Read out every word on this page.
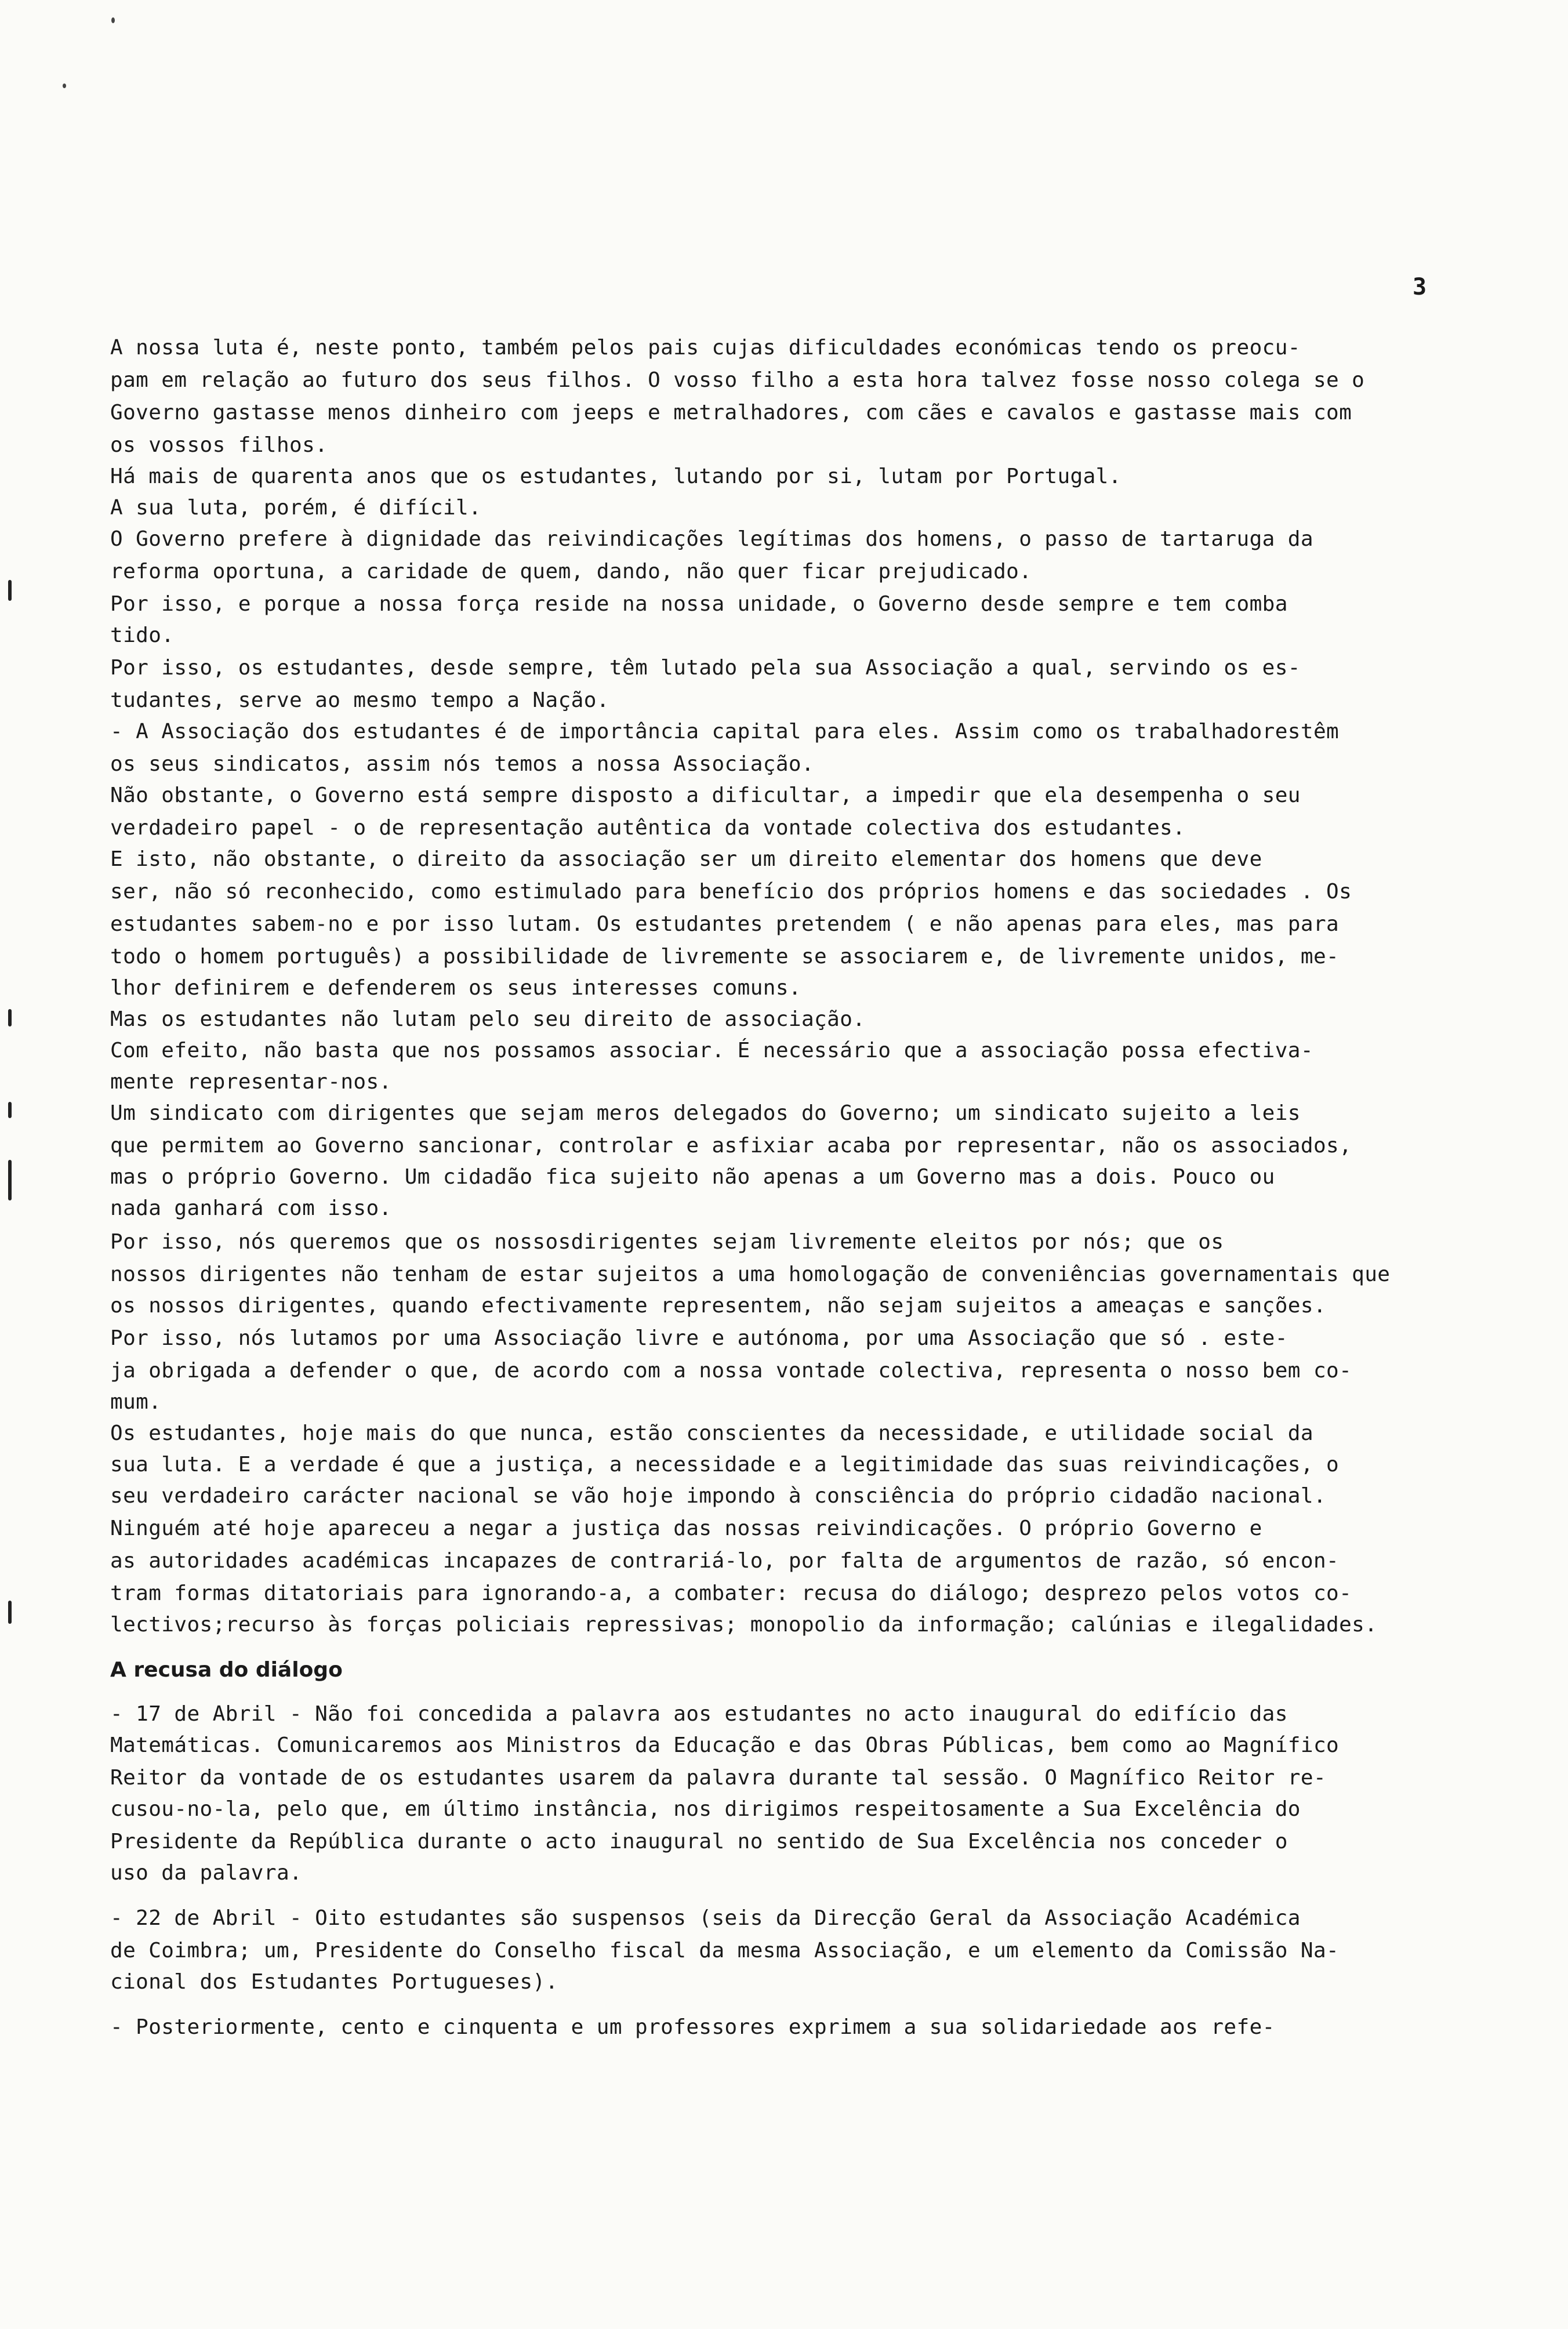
3
A nossa luta é, neste ponto, também pelos pais cujas dificuldades económicas tendo os preocu-
pam em relação ao futuro dos seus filhos. O vosso filho a esta hora talvez fosse nosso colega se o
Governo gastasse menos dinheiro com jeeps e metralhadores, com cães e cavalos e gastasse mais com
os vossos filhos.
Há mais de quarenta anos que os estudantes, lutando por si, lutam por Portugal.
A sua luta, porém, é difícil.
O Governo prefere à dignidade das reivindicações legítimas dos homens, o passo de tartaruga da
reforma oportuna, a caridade de quem, dando, não quer ficar prejudicado.
Por isso, e porque a nossa força reside na nossa unidade, o Governo desde sempre e tem comba
tido.
Por isso, os estudantes, desde sempre, têm lutado pela sua Associação a qual, servindo os es-
tudantes, serve ao mesmo tempo a Nação.
- A Associação dos estudantes é de importância capital para eles. Assim como os trabalhadorestêm
os seus sindicatos, assim nós temos a nossa Associação.
Não obstante, o Governo está sempre disposto a dificultar, a impedir que ela desempenha o seu
verdadeiro papel - o de representação autêntica da vontade colectiva dos estudantes.
E isto, não obstante, o direito da associação ser um direito elementar dos homens que deve
ser, não só reconhecido, como estimulado para benefício dos próprios homens e das sociedades . Os
estudantes sabem-no e por isso lutam. Os estudantes pretendem ( e não apenas para eles, mas para
todo o homem português) a possibilidade de livremente se associarem e, de livremente unidos, me-
lhor definirem e defenderem os seus interesses comuns.
Mas os estudantes não lutam pelo seu direito de associação.
Com efeito, não basta que nos possamos associar. É necessário que a associação possa efectiva-
mente representar-nos.
Um sindicato com dirigentes que sejam meros delegados do Governo; um sindicato sujeito a leis
que permitem ao Governo sancionar, controlar e asfixiar acaba por representar, não os associados,
mas o próprio Governo. Um cidadão fica sujeito não apenas a um Governo mas a dois. Pouco ou
nada ganhará com isso.
Por isso, nós queremos que os nossosdirigentes sejam livremente eleitos por nós; que os
nossos dirigentes não tenham de estar sujeitos a uma homologação de conveniências governamentais que
os nossos dirigentes, quando efectivamente representem, não sejam sujeitos a ameaças e sanções.
Por isso, nós lutamos por uma Associação livre e autónoma, por uma Associação que só . este-
ja obrigada a defender o que, de acordo com a nossa vontade colectiva, representa o nosso bem co-
mum.
Os estudantes, hoje mais do que nunca, estão conscientes da necessidade, e utilidade social da
sua luta. E a verdade é que a justiça, a necessidade e a legitimidade das suas reivindicações, o
seu verdadeiro carácter nacional se vão hoje impondo à consciência do próprio cidadão nacional.
Ninguém até hoje apareceu a negar a justiça das nossas reivindicações. O próprio Governo e
as autoridades académicas incapazes de contrariá-lo, por falta de argumentos de razão, só encon-
tram formas ditatoriais para ignorando-a, a combater: recusa do diálogo; desprezo pelos votos co-
lectivos;recurso às forças policiais repressivas; monopolio da informação; calúnias e ilegalidades.
A recusa do diálogo
- 17 de Abril - Não foi concedida a palavra aos estudantes no acto inaugural do edifício das
Matemáticas. Comunicaremos aos Ministros da Educação e das Obras Públicas, bem como ao Magnífico
Reitor da vontade de os estudantes usarem da palavra durante tal sessão. O Magnífico Reitor re-
cusou-no-la, pelo que, em último instância, nos dirigimos respeitosamente a Sua Excelência do
Presidente da República durante o acto inaugural no sentido de Sua Excelência nos conceder o
uso da palavra.
- 22 de Abril - Oito estudantes são suspensos (seis da Direcção Geral da Associação Académica
de Coimbra; um, Presidente do Conselho fiscal da mesma Associação, e um elemento da Comissão Na-
cional dos Estudantes Portugueses).
- Posteriormente, cento e cinquenta e um professores exprimem a sua solidariedade aos refe-
